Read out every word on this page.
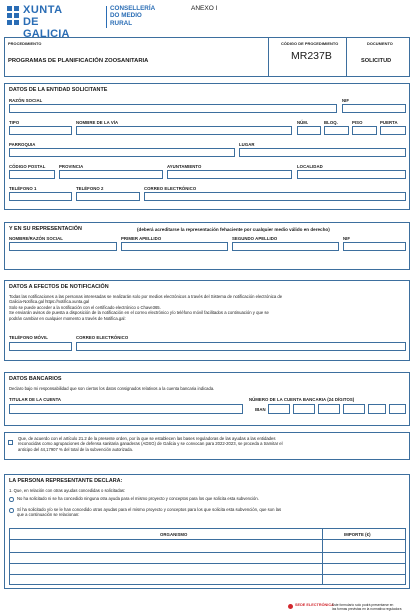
XUNTA
DE GALICIA
CONSELLERÍA
DO MEDIO
RURAL
ANEXO I
PROCEDIMIENTO
PROGRAMAS DE PLANIFICACIÓN ZOOSANITARIA
CÓDIGO DE PROCEDIMIENTO
MR237B
DOCUMENTO
SOLICITUD
DATOS DE LA ENTIDAD SOLICITANTE
RAZÓN SOCIAL	NIF
TIPO	NOMBRE DE LA VÍA	NÚM.	BLOQ.	PISO	PUERTA
PARROQUIA	LUGAR
CÓDIGO POSTAL	PROVINCIA	AYUNTAMIENTO	LOCALIDAD
TELÉFONO 1	TELÉFONO 2	CORREO ELECTRÓNICO
Y EN SU REPRESENTACIÓN	(deberá acreditarse la representación fehaciente por cualquier medio válido en derecho)
NOMBRE/RAZÓN SOCIAL	PRIMER APELLIDO	SEGUNDO APELLIDO	NIF
DATOS A EFECTOS DE NOTIFICACIÓN
Todas las notificaciones a las personas interesadas se realizarán solo por medios electrónicos a través del Sistema de notificación electrónica de
Galicia-Notifica.gal https://notifica.xunta.gal
Solo se puede acceder a la notificación con el certificado electrónico o Chave365.
Se enviarán avisos de puesta a disposición de la notificación en el correo electrónico y/o teléfono móvil facilitados a continuación y que se
podrán cambiar en cualquier momento a través de Notifica.gal:
TELÉFONO MÓVIL	CORREO ELECTRÓNICO
DATOS BANCARIOS
Declaro bajo mi responsabilidad que son ciertos los datos consignados relativos a la cuenta bancaria indicada.
TITULAR DE LA CUENTA	NÚMERO DE LA CUENTA BANCARIA (24 DÍGITOS)
IBAN
Que, de acuerdo con el artículo 21.2 de la presente orden, por la que se establecen las bases reguladoras de las ayudas a las entidades
reconocidas como agrupaciones de defensa sanitaria ganaderas (ADSG) de Galicia y se convocan para 2022-2023, se proceda a tramitar el
anticipo del 44,17907 % del total de la subvención autorizada.
LA PERSONA REPRESENTANTE DECLARA:
1. Que, en relación con otras ayudas concedidas o solicitadas:
No ha solicitado ni se ha concedido ninguna otra ayuda para el mismo proyecto y conceptos para los que solicita esta subvención.
Sí ha solicitado y/o se le han concedido otras ayudas para el mismo proyecto y conceptos para los que solicita esta subvención, que son las
que a continuación se relacionan:
ORGANISMO	IMPORTE (€)
SEDE ELECTRÓNICA
Este formulario solo podrá presentarse en
las formas previstas en la normativa reguladora
